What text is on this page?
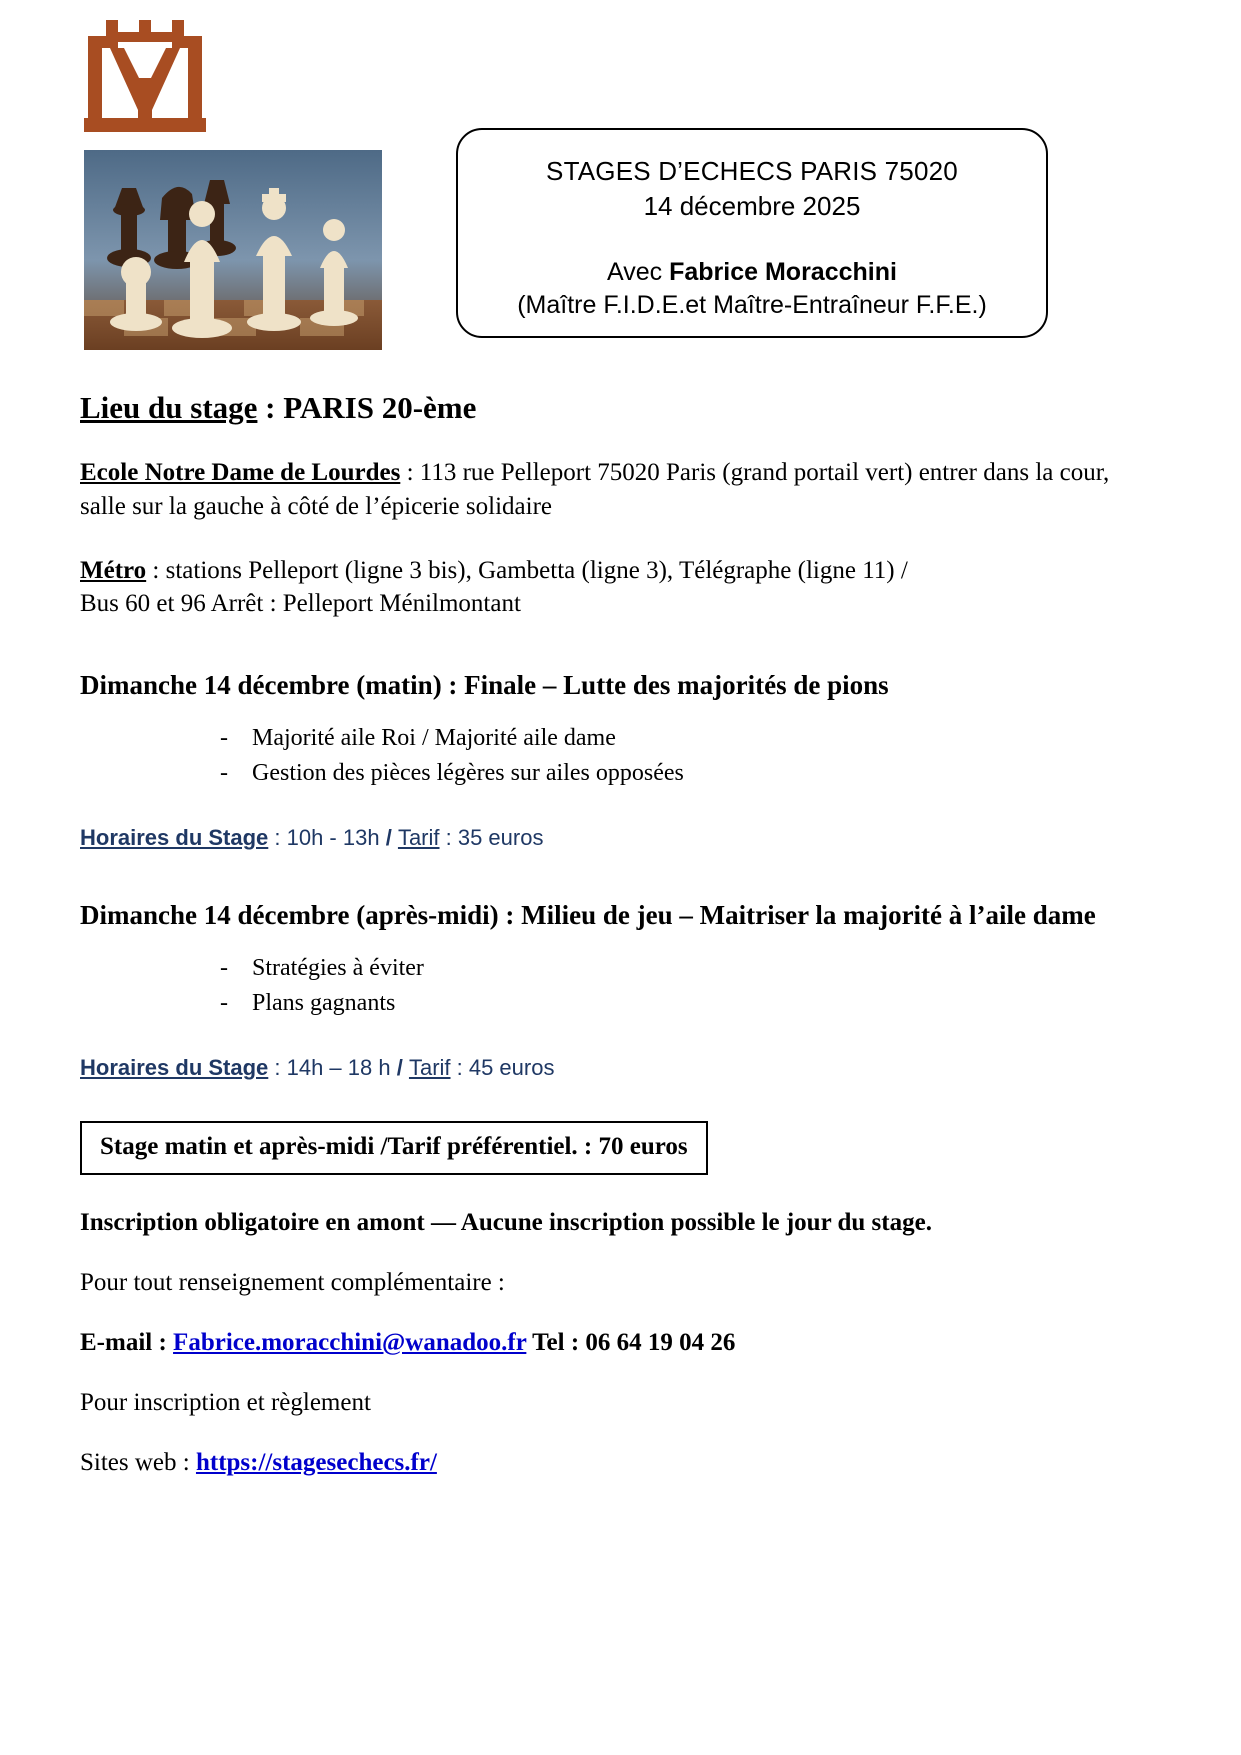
STAGES D’ECHECS PARIS 75020
14 décembre 2025
Avec Fabrice Moracchini
(Maître F.I.D.E.et Maître-Entraîneur F.F.E.)
Lieu du stage : PARIS 20-ème

Ecole Notre Dame de Lourdes : 113 rue Pelleport 75020 Paris (grand portail vert) entrer dans la cour, salle sur la gauche à côté de l’épicerie solidaire

Métro : stations Pelleport (ligne 3 bis), Gambetta (ligne 3), Télégraphe (ligne 11) /
Bus 60 et 96 Arrêt : Pelleport Ménilmontant

Dimanche 14 décembre (matin) : Finale – Lutte des majorités de pions
- Majorité aile Roi / Majorité aile dame
- Gestion des pièces légères sur ailes opposées
Horaires du Stage : 10h - 13h / Tarif : 35 euros
Dimanche 14 décembre (après-midi) : Milieu de jeu – Maitriser la majorité à l’aile dame
- Stratégies à éviter
- Plans gagnants
Horaires du Stage : 14h – 18 h / Tarif : 45 euros
Stage matin et après-midi /Tarif préférentiel. : 70 euros
Inscription obligatoire en amont — Aucune inscription possible le jour du stage.
Pour tout renseignement complémentaire :
E-mail : Fabrice.moracchini@wanadoo.fr Tel : 06 64 19 04 26
Pour inscription et règlement
Sites web : https://stagesechecs.fr/
